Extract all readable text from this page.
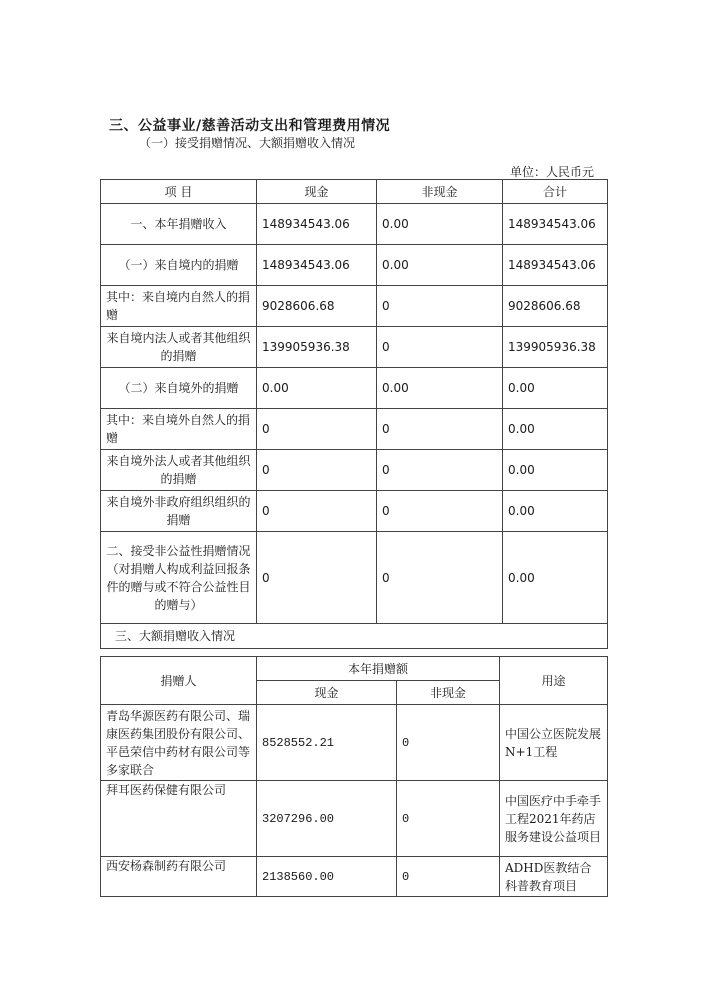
三、公益事业/慈善活动支出和管理费用情况
（一）接受捐赠情况、大额捐赠收入情况
单位：人民币元
项 目	现金	非现金	合计
一、本年捐赠收入	148934543.06	0.00	148934543.06
（一）来自境内的捐赠	148934543.06	0.00	148934543.06
其中：来自境内自然人的捐赠	9028606.68	0	9028606.68
来自境内法人或者其他组织的捐赠	139905936.38	0	139905936.38
（二）来自境外的捐赠	0.00	0.00	0.00
其中：来自境外自然人的捐赠	0	0	0.00
来自境外法人或者其他组织的捐赠	0	0	0.00
来自境外非政府组织组织的捐赠	0	0	0.00
二、接受非公益性捐赠情况（对捐赠人构成利益回报条件的赠与或不符合公益性目的赠与）	0	0	0.00
三、大额捐赠收入情况			
捐赠人	本年捐赠额		用途
	现金	非现金	
青岛华源医药有限公司、瑞康医药集团股份有限公司、平邑荣信中药材有限公司等多家联合	8528552.21	0	中国公立医院发展N+1工程
拜耳医药保健有限公司	3207296.00	0	中国医疗中手牵手工程2021年药店服务建设公益项目
西安杨森制药有限公司	2138560.00	0	ADHD医教结合科普教育项目
